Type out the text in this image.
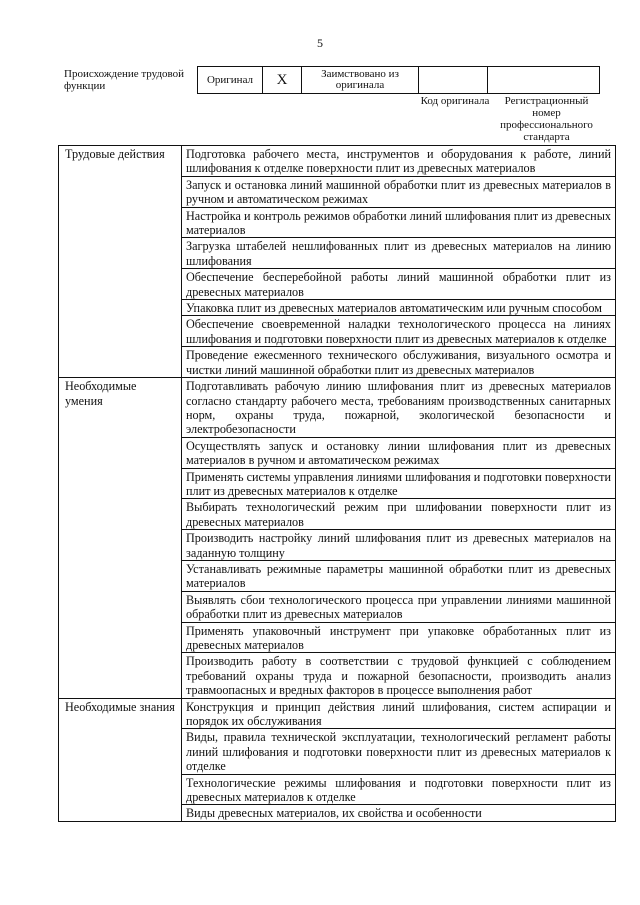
5
Происхождение трудовой функции
Оригинал	X	Заимствовано из оригинала		
Код оригинала	Регистрационный номер профессионального стандарта
Трудовые действия	Подготовка рабочего места, инструментов и оборудования к работе, линий шлифования к отделке поверхности плит из древесных материалов
	Запуск и остановка линий машинной обработки плит из древесных материалов в ручном и автоматическом режимах
	Настройка и контроль режимов обработки линий шлифования плит из древесных материалов
	Загрузка штабелей нешлифованных плит из древесных материалов на линию шлифования
	Обеспечение бесперебойной работы линий машинной обработки плит из древесных материалов
	Упаковка плит из древесных материалов автоматическим или ручным способом
	Обеспечение своевременной наладки технологического процесса на линиях шлифования и подготовки поверхности плит из древесных материалов к отделке
	Проведение ежесменного технического обслуживания, визуального осмотра и чистки линий машинной обработки плит из древесных материалов
Необходимые умения	Подготавливать рабочую линию шлифования плит из древесных материалов согласно стандарту рабочего места, требованиям производственных санитарных норм, охраны труда, пожарной, экологической безопасности и электробезопасности
	Осуществлять запуск и остановку линии шлифования плит из древесных материалов в ручном и автоматическом режимах
	Применять системы управления линиями шлифования и подготовки поверхности плит из древесных материалов к отделке
	Выбирать технологический режим при шлифовании поверхности плит из древесных материалов
	Производить настройку линий шлифования плит из древесных материалов на заданную толщину
	Устанавливать режимные параметры машинной обработки плит из древесных материалов
	Выявлять сбои технологического процесса при управлении линиями машинной обработки плит из древесных материалов
	Применять упаковочный инструмент при упаковке обработанных плит из древесных материалов
	Производить работу в соответствии с трудовой функцией с соблюдением требований охраны труда и пожарной безопасности, производить анализ травмоопасных и вредных факторов в процессе выполнения работ
Необходимые знания	Конструкция и принцип действия линий шлифования, систем аспирации и порядок их обслуживания
	Виды, правила технической эксплуатации, технологический регламент работы линий шлифования и подготовки поверхности плит из древесных материалов к отделке
	Технологические режимы шлифования и подготовки поверхности плит из древесных материалов к отделке
	Виды древесных материалов, их свойства и особенности
